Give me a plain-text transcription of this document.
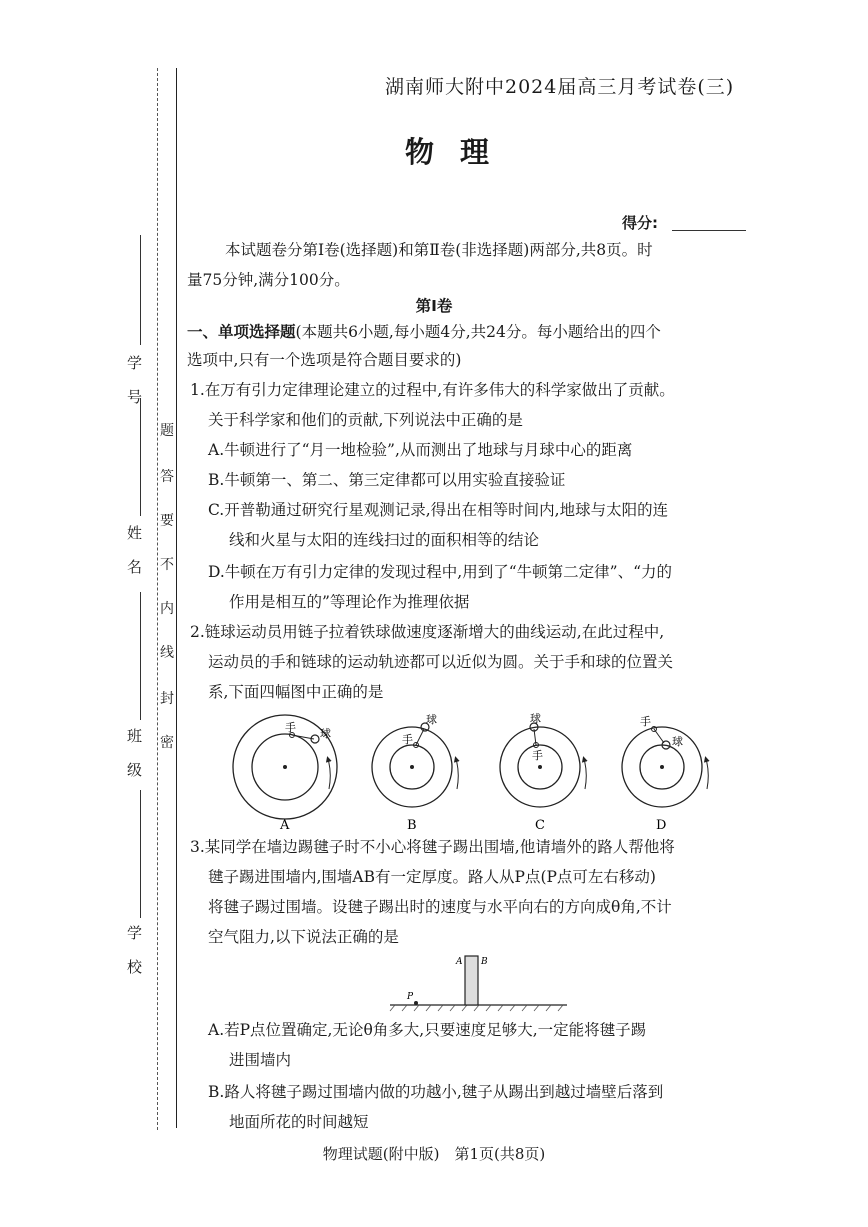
学　号
姓　名
班　级
学　校
题
答
要
不
内
线
封
密
湖南师大附中2024届高三月考试卷(三)
物理
得分:
本试题卷分第Ⅰ卷(选择题)和第Ⅱ卷(非选择题)两部分,共8页。时
量75分钟,满分100分。
第Ⅰ卷
一、单项选择题(本题共6小题,每小题4分,共24分。每小题给出的四个
选项中,只有一个选项是符合题目要求的)
1.在万有引力定律理论建立的过程中,有许多伟大的科学家做出了贡献。
关于科学家和他们的贡献,下列说法中正确的是
A.牛顿进行了“月一地检验”,从而测出了地球与月球中心的距离
B.牛顿第一、第二、第三定律都可以用实验直接验证
C.开普勒通过研究行星观测记录,得出在相等时间内,地球与太阳的连
线和火星与太阳的连线扫过的面积相等的结论
D.牛顿在万有引力定律的发现过程中,用到了“牛顿第二定律”、“力的
作用是相互的”等理论作为推理依据
2.链球运动员用链子拉着铁球做速度逐渐增大的曲线运动,在此过程中,
运动员的手和链球的运动轨迹都可以近似为圆。关于手和球的位置关
系,下面四幅图中正确的是
手 球
A
手
球
B
球
手
C
手
球
D
3.某同学在墙边踢毽子时不小心将毽子踢出围墙,他请墙外的路人帮他将
毽子踢进围墙内,围墙AB有一定厚度。路人从P点(P点可左右移动)
将毽子踢过围墙。设毽子踢出时的速度与水平向右的方向成θ角,不计
空气阻力,以下说法正确的是
A B
P
A.若P点位置确定,无论θ角多大,只要速度足够大,一定能将毽子踢
进围墙内
B.路人将毽子踢过围墙内做的功越小,毽子从踢出到越过墙壁后落到
地面所花的时间越短
物理试题(附中版)　第1页(共8页)
